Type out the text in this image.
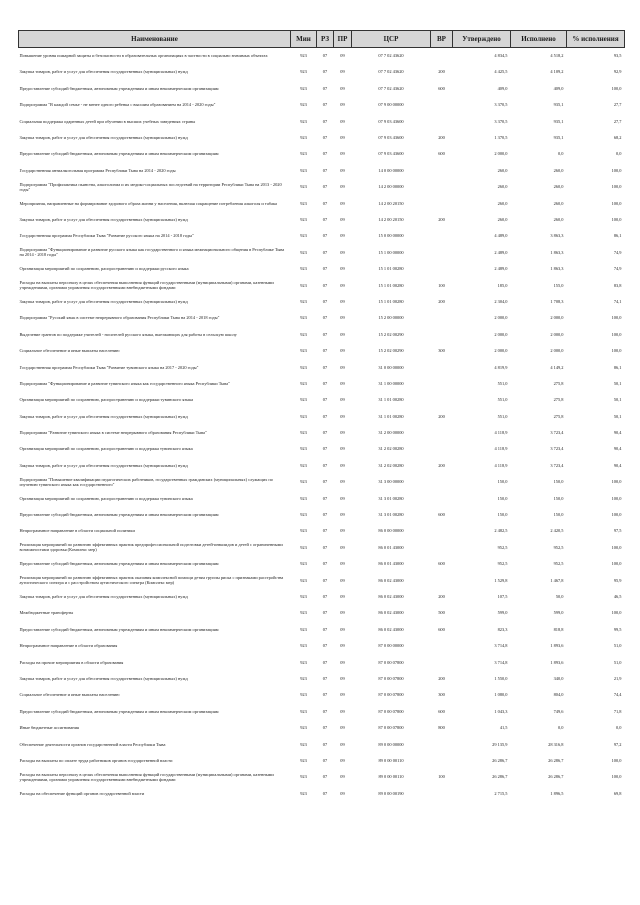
Наименование	Мин	РЗ	ПР	ЦСР	ВР	Утверждено	Исполнено	% исполнения
Повышение уровня пожарной защиты и безопасности в образовательных организациях в частности в социально значимых объектах	923	07	09	07 7 02 43620		4 834,5	4 518,2	93,5
Закупка товаров, работ и услуг для обеспечения государственных (муниципальных) нужд	923	07	09	07 7 02 43620	200	4 425,5	4 109,2	92,9
Предоставление субсидий бюджетным, автономным учреждениям и иным некоммерческим организациям	923	07	09	07 7 02 43620	600	409,0	409,0	100,0
Подпрограмма "В каждой семье - не менее одного ребенка с высшим образованием на 2014 - 2020 годы"	923	07	09	07 9 00 00000		3 370,5	935,1	27,7
Социальная поддержка одаренных детей при обучении в высших учебных заведениях страны	923	07	09	07 9 03 43600		3 370,5	935,1	27,7
Закупка товаров, работ и услуг для обеспечения государственных (муниципальных) нужд	923	07	09	07 9 03 43600	200	1 370,5	935,1	68,2
Предоставление субсидий бюджетным, автономным учреждениям и иным некоммерческим организациям	923	07	09	07 9 03 43600	600	2 000,0	0,0	0,0
Государственная антиалкогольная программа Республики Тыва на 2014 - 2020 годы	923	07	09	14 0 00 00000		260,0	260,0	100,0
Подпрограмма "Профилактика пьянства, алкоголизма и их медико-социальных последствий на территории Республики Тыва на 2013 - 2020 годы"	923	07	09	14 2 00 00000		260,0	260,0	100,0
Мероприятия, направленные на формирование здорового образа жизни у населения, включая сокращение потребления алкоголя и табака	923	07	09	14 2 00 20150		260,0	260,0	100,0
Закупка товаров, работ и услуг для обеспечения государственных (муниципальных) нужд	923	07	09	14 2 00 20150	200	260,0	260,0	100,0
Государственная программа Республики Тыва "Развитие русского языка на 2014 - 2018 годы"	923	07	09	15 0 00 00000		4 489,0	3 863,3	86,1
Подпрограмма "Функционирование и развитие русского языка как государственного и языка межнационального общения в Республике Тыва на 2014 - 2018 годы"	923	07	09	15 1 00 00000		2 489,0	1 863,3	74,9
Организация мероприятий по сохранению, распространению и поддержки русского языка	923	07	09	15 1 01 00280		2 489,0	1 863,3	74,9
Расходы на выплаты персоналу в целях обеспечения выполнения функций государственными (муниципальными) органами, казенными учреждениями, органами управления государственными внебюджетными фондами	923	07	09	15 1 01 00280	100	185,0	155,0	83,8
Закупка товаров, работ и услуг для обеспечения государственных (муниципальных) нужд	923	07	09	15 1 01 00280	200	2 304,0	1 708,3	74,1
Подпрограмма "Русский язык в системе непрерывного образования Республики Тыва на 2014 - 2018 годы"	923	07	09	15 2 00 00000		2 000,0	2 000,0	100,0
Выделение грантов по поддержке учителей - носителей русского языка, выезжающих для работы в сельскую школу	923	07	09	15 2 02 00290		2 000,0	2 000,0	100,0
Социальное обеспечение и иные выплаты населению	923	07	09	15 2 02 00290	300	2 000,0	2 000,0	100,0
Государственная программа Республики Тыва "Развитие тувинского языка на 2017 - 2020 годы"	923	07	09	31 0 00 00000		4 819,9	4 149,2	86,1
Подпрограмма "Функционирование и развитие тувинского языка как государственного языка Республики Тыва"	923	07	09	31 1 00 00000		551,0	275,8	50,1
Организация мероприятий по сохранению, распространению и поддержки тувинского языка	923	07	09	31 1 01 00280		551,0	275,8	50,1
Закупка товаров, работ и услуг для обеспечения государственных (муниципальных) нужд	923	07	09	31 1 01 00280	200	551,0	275,8	50,1
Подпрограмма "Развитие тувинского языка в системе непрерывного образования Республики Тыва"	923	07	09	31 2 00 00000		4 118,9	3 723,4	90,4
Организация мероприятий по сохранению, распространению и поддержка тувинского языка	923	07	09	31 2 02 00280		4 118,9	3 723,4	90,4
Закупка товаров, работ и услуг для обеспечения государственных (муниципальных) нужд	923	07	09	31 2 02 00280	200	4 118,9	3 723,4	90,4
Подпрограмма "Повышение квалификации педагогических работников, государственных гражданских (муниципальных) служащих по изучению тувинского языка как государственного"	923	07	09	31 3 00 00000		150,0	150,0	100,0
Организация мероприятий по сохранению, распространению и поддержка тувинского языка	923	07	09	31 3 01 00280		150,0	150,0	100,0
Предоставление субсидий бюджетным, автономным учреждениям и иным некоммерческим организациям	923	07	09	31 3 01 00280	600	150,0	150,0	100,0
Непрограммное направление в области социальной политики	923	07	09	86 0 00 00000		2 482,5	2 420,5	97,5
Реализация мероприятий по развитию эффективных практик предпрофессиональной подготовки детей-инвалидов и детей с ограниченными возможностями здоровья (Комплекс мер)	923	07	09	86 0 01 43000		952,5	952,5	100,0
Предоставление субсидий бюджетным, автономным учреждениям и иным некоммерческим организациям	923	07	09	86 0 01 43000	600	952,5	952,5	100,0
Реализация мероприятий по развитию эффективных практик оказания комплексной помощи детям группы риска с признаками расстройства аутистического спектра и с расстройством аутистического спектра (Комплекс мер)	923	07	09	86 0 02 43000		1 529,8	1 467,8	95,9
Закупка товаров, работ и услуг для обеспечения государственных (муниципальных) нужд	923	07	09	86 0 02 43000	200	107,5	50,0	46,5
Межбюджетные трансферты	923	07	09	86 0 02 43000	500	599,0	599,0	100,0
Предоставление субсидий бюджетным, автономным учреждениям и иным некоммерческим организациям	923	07	09	86 0 02 43000	600	823,3	818,8	99,5
Непрограммное направление в области образования	923	07	09	87 0 00 00000		3 714,8	1 893,6	51,0
Расходы на прочие мероприятия в области образования	923	07	09	87 0 00 07800		3 714,8	1 893,6	51,0
Закупка товаров, работ и услуг для обеспечения государственных (муниципальных) нужд	923	07	09	87 0 00 07800	200	1 550,0	340,0	21,9
Социальное обеспечение и иные выплаты населению	923	07	09	87 0 00 07800	300	1 080,0	804,0	74,4
Предоставление субсидий бюджетным, автономным учреждениям и иным некоммерческим организациям	923	07	09	87 0 00 07800	600	1 043,3	749,6	71,8
Иные бюджетные ассигнования	923	07	09	87 0 00 07800	800	41,5	0,0	0,0
Обеспечение деятельности органов государственной власти Республики Тыва	923	07	09	89 0 00 00000		29 135,9	28 316,8	97,2
Расходы на выплаты по оплате труда работников органов государственной власти	923	07	09	89 0 00 00110		26 286,7	26 286,7	100,0
Расходы на выплаты персоналу в целях обеспечения выполнения функций государственными (муниципальными) органами, казенными учреждениями, органами управления государственными внебюджетными фондами	923	07	09	89 0 00 00110	100	26 286,7	26 286,7	100,0
Расходы на обеспечение функций органов государственной власти	923	07	09	89 0 00 00190		2 715,5	1 896,5	69,8
